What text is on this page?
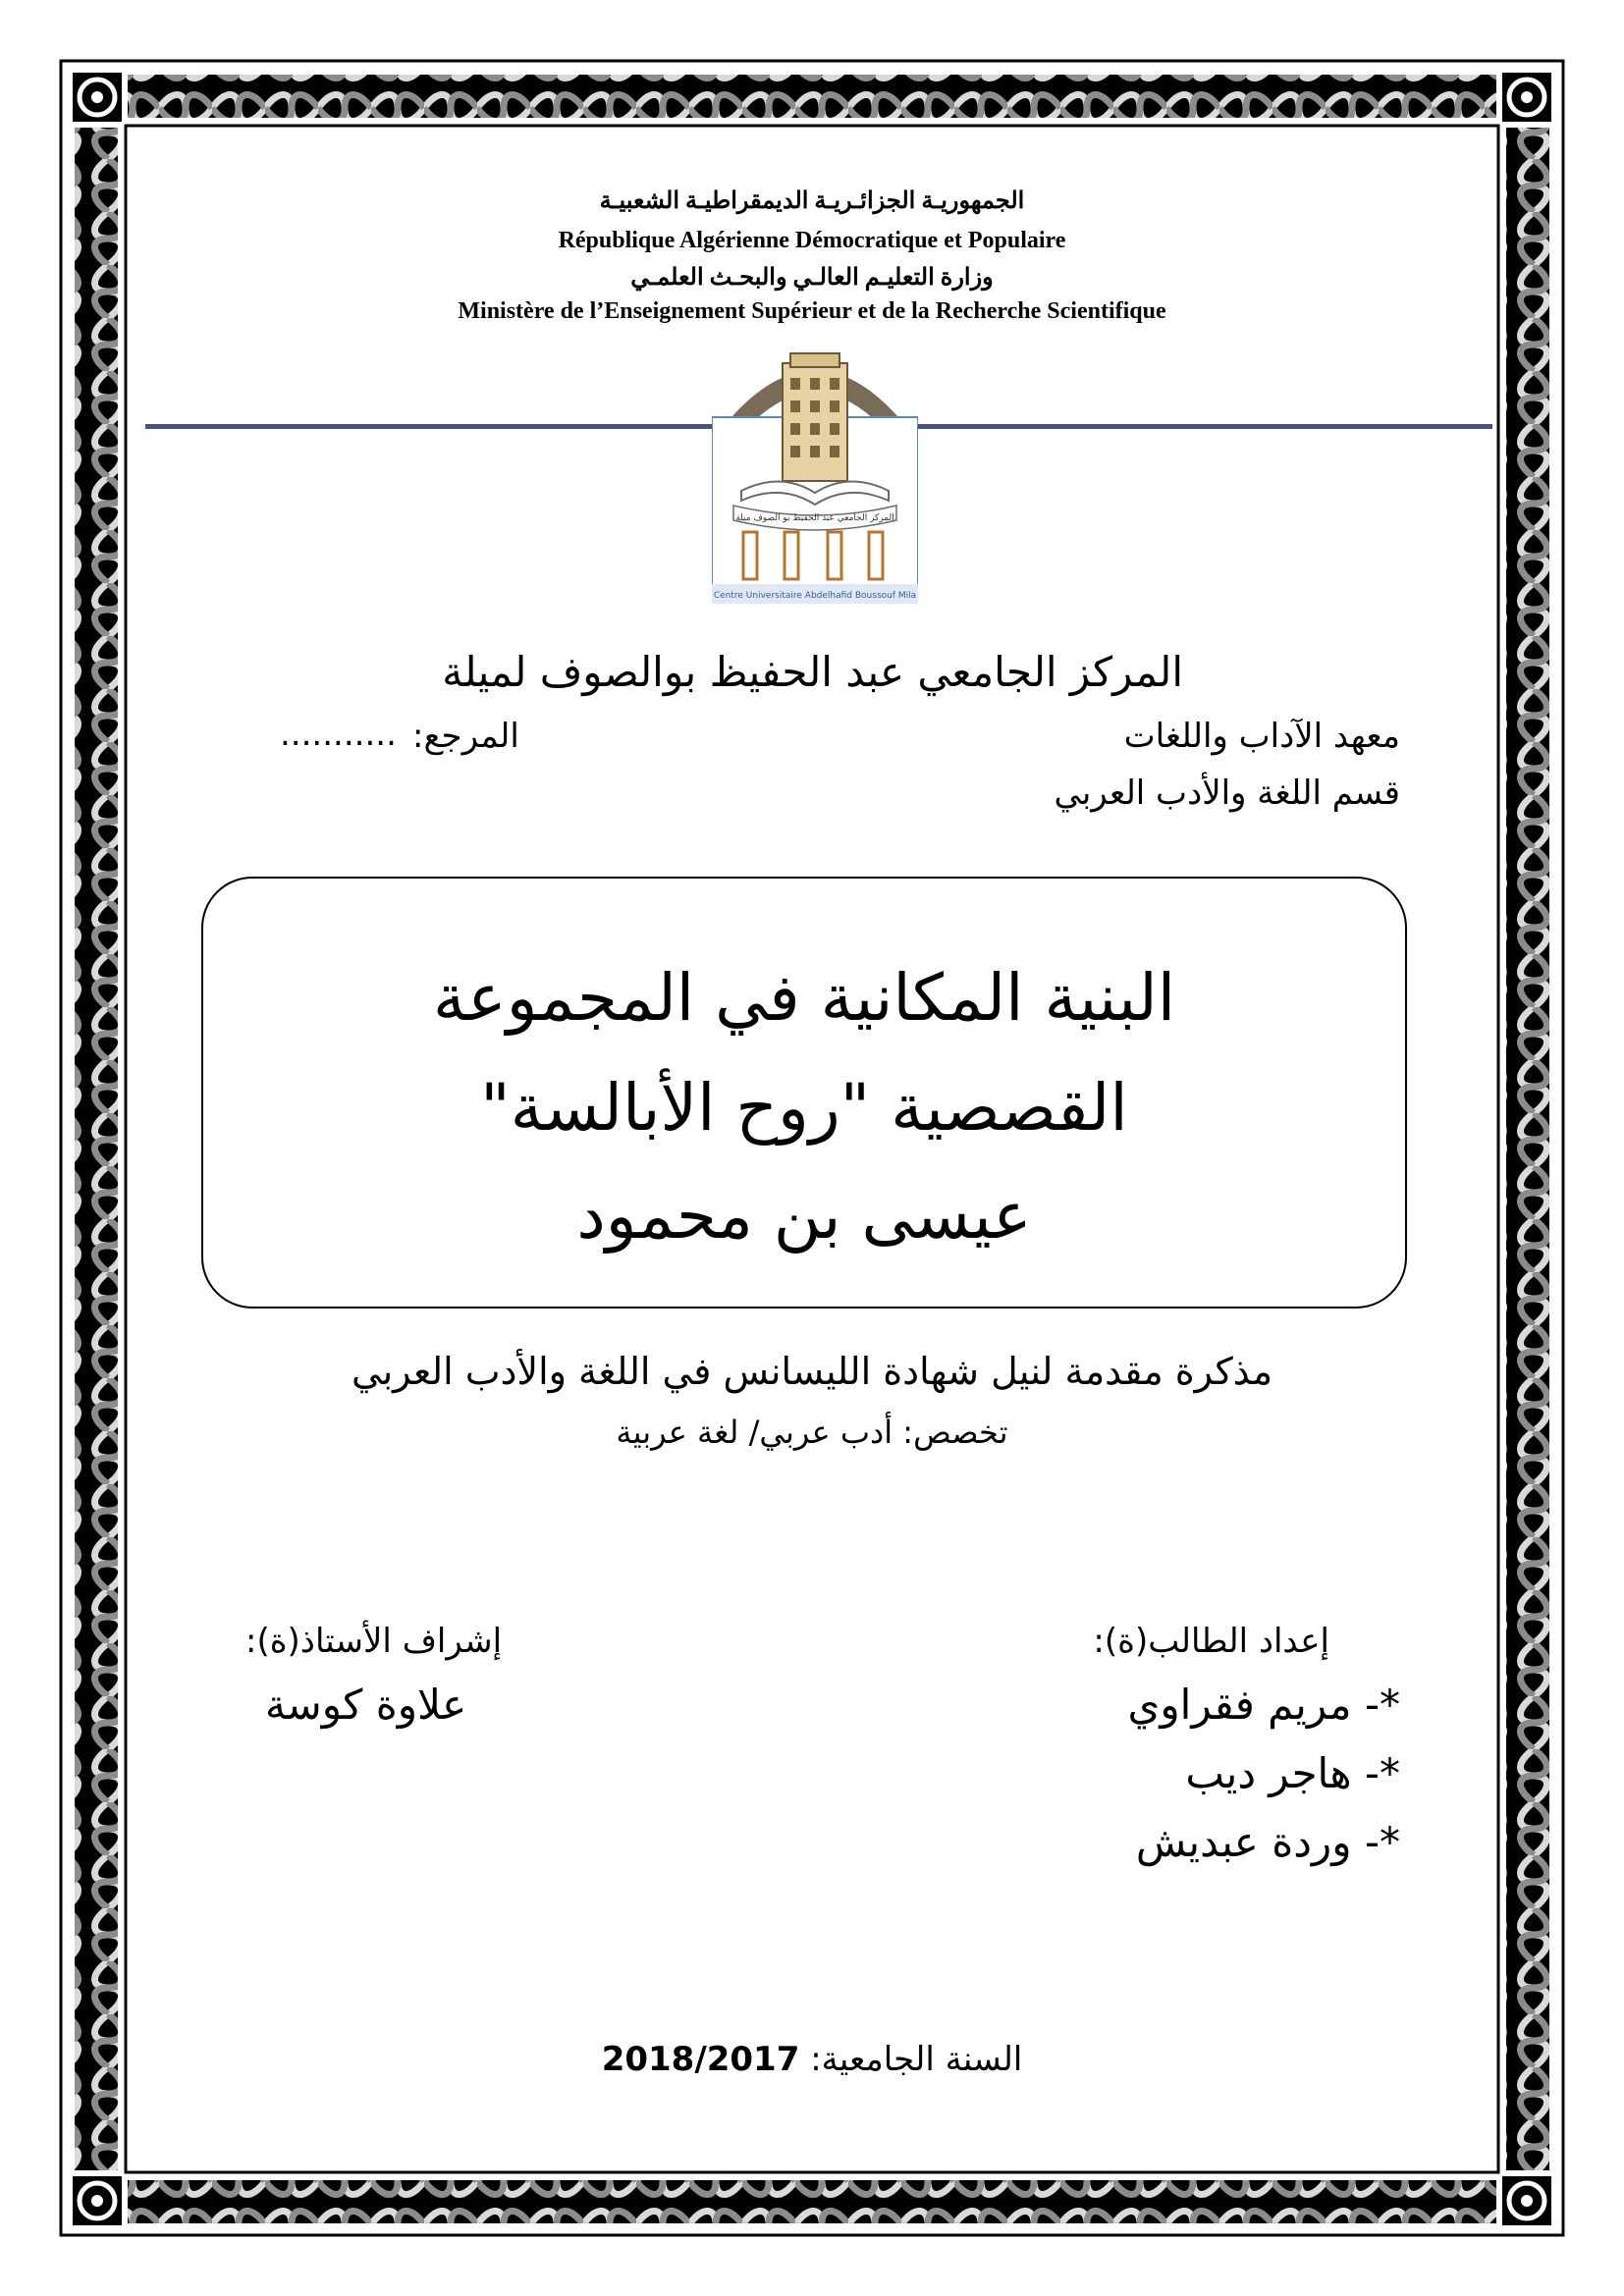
الجمهوريـة الجزائـريـة الديمقراطيـة الشعبيـة
République Algérienne Démocratique et Populaire
وزارة التعليـم العالـي والبحـث العلمـي
Ministère de l’Enseignement Supérieur et de la Recherche Scientifique
المركز الجامعي عبد الحفيظ بو الصوف ميلة
Centre Universitaire Abdelhafid Boussouf Mila
المركز الجامعي عبد الحفيظ بوالصوف لميلة
معهد الآداب واللغات
........... المرجع:
قسم اللغة والأدب العربي
البنية المكانية في المجموعة
القصصية "روح الأبالسة"
عيسى بن محمود
مذكرة مقدمة لنيل شهادة الليسانس في اللغة والأدب العربي
تخصص: أدب عربي/ لغة عربية
إعداد الطالب(ة):
*- مريم فقراوي
*- هاجر ديب
*- وردة عبديش
إشراف الأستاذ(ة):
علاوة كوسة
السنة الجامعية: 2018/2017
